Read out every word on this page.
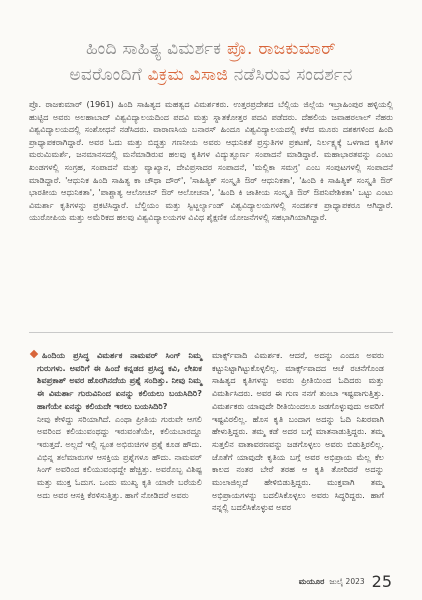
ಹಿಂದಿ ಸಾಹಿತ್ಯ ವಿಮರ್ಶಕ ಪ್ರೊ. ರಾಜಕುಮಾರ್
ಅವರೊಂದಿಗೆ ವಿಕ್ರಮ ವಿಸಾಜಿ ನಡೆಸಿರುವ ಸಂದರ್ಶನ

ಪ್ರೊ. ರಾಜಕುಮಾರ್ (1961) ಹಿಂದಿ ಸಾಹಿತ್ಯದ ಮಹತ್ವದ ವಿಮರ್ಶಕರು. ಉತ್ತರಪ್ರದೇಶದ ಬೆಲ್ಲಿಯ ಜಿಲ್ಲೆಯ ಇಬ್ರಾಹಿಂಪುರ ಹಳ್ಳಿಯಲ್ಲಿ ಹುಟ್ಟಿದ ಅವರು ಅಲಹಾಬಾದ್ ವಿಶ್ವವಿದ್ಯಾಲಯದಿಂದ ಪದವಿ ಮತ್ತು ಸ್ನಾತಕೋತ್ತರ ಪದವಿ ಪಡೆದರು. ದೆಹಲಿಯ ಜವಾಹರಲಾಲ್ ನೆಹರು ವಿಶ್ವವಿದ್ಯಾಲಯದಲ್ಲಿ ಸಂಶೋಧನೆ ನಡೆಸಿದರು. ವಾರಾಣಸಿಯ ಬನಾರಸ್ ಹಿಂದೂ ವಿಶ್ವವಿದ್ಯಾಲಯದಲ್ಲಿ ಕಳೆದ ಮೂರು ದಶಕಗಳಿಂದ ಹಿಂದಿ ಪ್ರಾಧ್ಯಾಪಕರಾಗಿದ್ದಾರೆ. ಅವರ ಓದು ಮತ್ತು ಬಿದ್ಧತ್ತು ಗಣನೀಯ ಅವರು ಆಧುನಿಕತೆ ಪ್ರಸ್ತುತಿಗಳ ಪ್ರಕಟಣೆ, ನಿರ್ಲಕ್ಷ್ಯಕ್ಕೆ ಒಳಗಾದ ಕೃತಿಗಳ ಮರುಮಿಮರ್ಶೆ, ಜನಮಾನಸದಲ್ಲಿ ಮನೆಮಾಡಿರುವ ಹಲವು ಕೃತಿಗಳ ವಿದ್ಯುತ್ಪೂರ್ಣ ಸಂಪಾದನೆ ಮಾಡಿದ್ದಾರೆ. ಮಹಾಭಾರತವನ್ನು ಎಂಟು ಖಂಡಗಳಲ್ಲಿ ಸಂಗ್ರಹ, ಸಂಪಾದನೆ ಮತ್ತು ವ್ಯಾಖ್ಯಾನ, ದೇವಿಪ್ರಸಾದರ ಸಂಪಾದನೆ, 'ಮಲ್ಲಿಕಾ ಸಮಗ್ರ' ಎಂಬ ಸಂಪುಟಗಳಲ್ಲಿ ಸಂಪಾದನೆ ಮಾಡಿದ್ದಾರೆ. 'ಆಧುನಿಕ ಹಿಂದಿ ಸಾಹಿತ್ಯ ಕಾ ಚೌಥಾ ದೌರ್', 'ಸಾಹಿತ್ಯಿಕ್ ಸಂಸ್ಕೃತಿ ಔರ್ ಆಧುನಿಕತಾ', 'ಹಿಂದಿ ಕಿ ಸಾಹಿತ್ಯಿಕ್ ಸಂಸ್ಕೃತಿ ಔರ್ ಭಾರತೀಯ ಆಧುನಿಕತಾ', 'ಪಾಶ್ಚಾತ್ಯ ಆಲೋಚನ್ ಔರ್ ಆಲೋಚನಾ', 'ಹಿಂದಿ ಕಿ ಜಾತೀಯ ಸಂಸ್ಕೃತಿ ಔರ್ ಔಪನಿವೇಶಿಕತಾ' ಒಟ್ಟು ಎಂಟು ವಿಮರ್ಶಾ ಕೃತಿಗಳನ್ನು ಪ್ರಕಟಿಸಿದ್ದಾರೆ. ಬೆಲ್ಜಿಯಂ ಮತ್ತು ಸ್ವಿಟ್ಜರ್ಲ್ಯಾಂಡ್ ವಿಶ್ವವಿದ್ಯಾಲಯಗಳಲ್ಲಿ ಸಂದರ್ಶಕ ಪ್ರಾಧ್ಯಾಪಕರೂ ಆಗಿದ್ದಾರೆ. ಯುರೋಪಿಯ ಮತ್ತು ಅಮೆರಿಕದ ಹಲವು ವಿಶ್ವವಿದ್ಯಾಲಯಗಳ ವಿವಿಧ ಶೈಕ್ಷಣಿಕ ಯೋಜನೆಗಳಲ್ಲಿ ಸಹಭಾಗಿಯಾಗಿದ್ದಾರೆ.

ಹಿಂದಿಯ ಪ್ರಸಿದ್ಧ ವಿಮರ್ಶಕ ನಾಮವರ್ ಸಿಂಗ್ ನಿಮ್ಮ ಗುರುಗಳು. ಅವರಿಗೆ ಈ ಹಿಂದೆ ಕನ್ನಡದ ಪ್ರಸಿದ್ಧ ಕವಿ, ಲೇಖಕ ಶಿವಪ್ರಕಾಶ್ ಅವರ ಹೊರಗಿನದೆಯ ಪ್ರಶ್ನೆ ಸಂದಿತ್ತು. ನೀವು ನಿಮ್ಮ ಈ ವಿಮರ್ಶಾ ಗುರುವಿನಿಂದ ಏನನ್ನು ಕಲಿಯಲು ಬಯಸಿದಿರಿ? ಹಾಗೆಯೇ ಏನನ್ನು ಕಲಿಯದೇ ಇರಲು ಬಯಸಿದಿರಿ?

ನೀವು ಕೇಳಿದ್ದು ಸರಿಯಾಗಿದೆ. ಎಂಥಾ ಪ್ರೀತಿಯ ಗುರುವೇ ಆಗಲಿ ಅವರಿಂದ ಕಲಿಯುವಂಥದ್ದು ಇರುವಂತೆಯೇ, ಕಲಿಯಬಾರದ್ದೂ ಇರುತ್ತದೆ. ಅಲ್ಲದೆ ಇಲ್ಲಿ ಸ್ವಂತ ಅಭಿರುಚಿಗಳ ಪ್ರಶ್ನೆ ಕೂಡ ಹೌದು. ವಿಭಿನ್ನ ತಲೆಮಾರುಗಳ ಆಸಕ್ತಿಯ ಪ್ರಶ್ನೆಗಳೂ ಹೌದು. ನಾಮವರ್ ಸಿಂಗ್ ಅವರಿಂದ ಕಲಿಯುವಂಥದ್ದೇ ಹೆಚ್ಚಿತ್ತು. ಅವರೊಬ್ಬ ವಿಶಿಷ್ಟ ಮತ್ತು ಮುಕ್ತ ಓದುಗ. ಒಂದು ಮುಖ್ಯ ಕೃತಿ ಯಾರೇ ಬರೆಯಲಿ ಅದು ಅವರ ಆಸಕ್ತಿ ಕೆರಳಿಸುತ್ತಿತ್ತು. ಹಾಗೆ ನೋಡಿದರೆ ಅವರು

ಮಾರ್ಕ್ಸ್‌ವಾದಿ ವಿಮರ್ಶಕ. ಆದರೆ, ಅದನ್ನು ಎಂದೂ ಅವರು ಕಟ್ಟುನಿಟ್ಟಾಗಿಟ್ಟುಕೊಳ್ಳಲಿಲ್ಲ. ಮಾರ್ಕ್ಸ್‌ವಾದದ ಆಚೆ ರಚನೆಗೊಂಡ ಸಾಹಿತ್ಯದ ಕೃತಿಗಳನ್ನು ಅವರು ಪ್ರೀತಿಯಿಂದ ಓದಿದರು ಮತ್ತು ವಿಮರ್ಶಿಸಿದರು. ಅವರ ಈ ಗುಣ ನನಗೆ ತುಂಬಾ ಇಷ್ಟವಾಗುತ್ತಿತ್ತು. ವಿಮರ್ಶಕರು ಯಾವುದೇ ರೀತಿಯಿಂದಲೂ ಜಡಗೊಳ್ಳುವುದು ಅವರಿಗೆ ಇಷ್ಟವಿರಲಿಲ್ಲ. ಹೊಸ ಕೃತಿ ಬಂದಾಗ ಅದನ್ನು ಓದಿ ನಿಖರವಾಗಿ ಹೇಳುತ್ತಿದ್ದರು. ತಮ್ಮ ಕಡೆ ಅದರ ಬಗ್ಗೆ ಮಾತನಾಡುತ್ತಿದ್ದರು. ತಮ್ಮ ಸುತ್ತಲಿನ ವಾತಾವರಣವನ್ನು ಜಡಗೊಳ್ಳಲು ಅವರು ಬಿಡುತ್ತಿರಲಿಲ್ಲ. ಜೊತೆಗೆ ಯಾವುದೇ ಕೃತಿಯ ಬಗ್ಗೆ ಅವರ ಅಭಿಪ್ರಾಯ ಮೆಲ್ಲ ಕೆಲ ಕಾಲದ ನಂತರ ಬೇರೆ ತರಹ ಆ ಕೃತಿ ತೋರಿದರೆ ಅದನ್ನು ಮುಲಾಜಿಲ್ಲದೆ ಹೇಳಿಬಿಡುತ್ತಿದ್ದರು. ಮುಕ್ತವಾಗಿ ತಮ್ಮ ಅಭಿಪ್ರಾಯಗಳನ್ನು ಬದಲಿಸಿಕೊಳ್ಳಲು ಅವರು ಸಿದ್ಧರಿದ್ದರು. ಹಾಗೆ ನನ್ನಲ್ಲಿ ಬದಲಿಸಿಕೊಳ್ಳುವ ಅವರ

ಮಯೂರ ಜುಲೈ 2023 25
